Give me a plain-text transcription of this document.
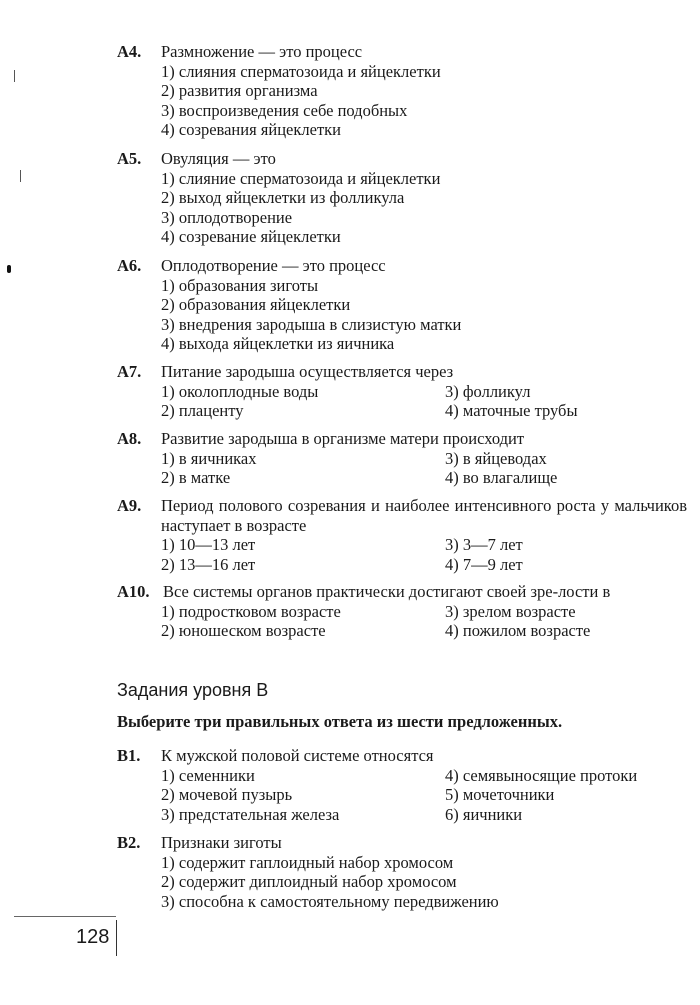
А4.	Размножение — это процесс
1) слияния сперматозоида и яйцеклетки
2) развития организма
3) воспроизведения себе подобных
4) созревания яйцеклетки
А5.	Овуляция — это
1) слияние сперматозоида и яйцеклетки
2) выход яйцеклетки из фолликула
3) оплодотворение
4) созревание яйцеклетки
А6.	Оплодотворение — это процесс
1) образования зиготы
2) образования яйцеклетки
3) внедрения зародыша в слизистую матки
4) выхода яйцеклетки из яичника
А7.	Питание зародыша осуществляется через
1) околоплодные воды	3) фолликул
2) плаценту	4) маточные трубы
А8.	Развитие зародыша в организме матери происходит
1) в яичниках	3) в яйцеводах
2) в матке	4) во влагалище
А9.	Период полового созревания и наиболее интенсивного роста у мальчиков наступает в возрасте
1) 10—13 лет	3) 3—7 лет
2) 13—16 лет	4) 7—9 лет
А10. Все системы органов практически достигают своей зре-лости в
1) подростковом возрасте	3) зрелом возрасте
2) юношеском возрасте	4) пожилом возрасте
Задания уровня В
Выберите три правильных ответа из шести предложенных.
В1.	К мужской половой системе относятся
1) семенники	4) семявыносящие протоки
2) мочевой пузырь	5) мочеточники
3) предстательная железа	6) яичники
В2.	Признаки зиготы
1) содержит гаплоидный набор хромосом
2) содержит диплоидный набор хромосом
3) способна к самостоятельному передвижению
128
